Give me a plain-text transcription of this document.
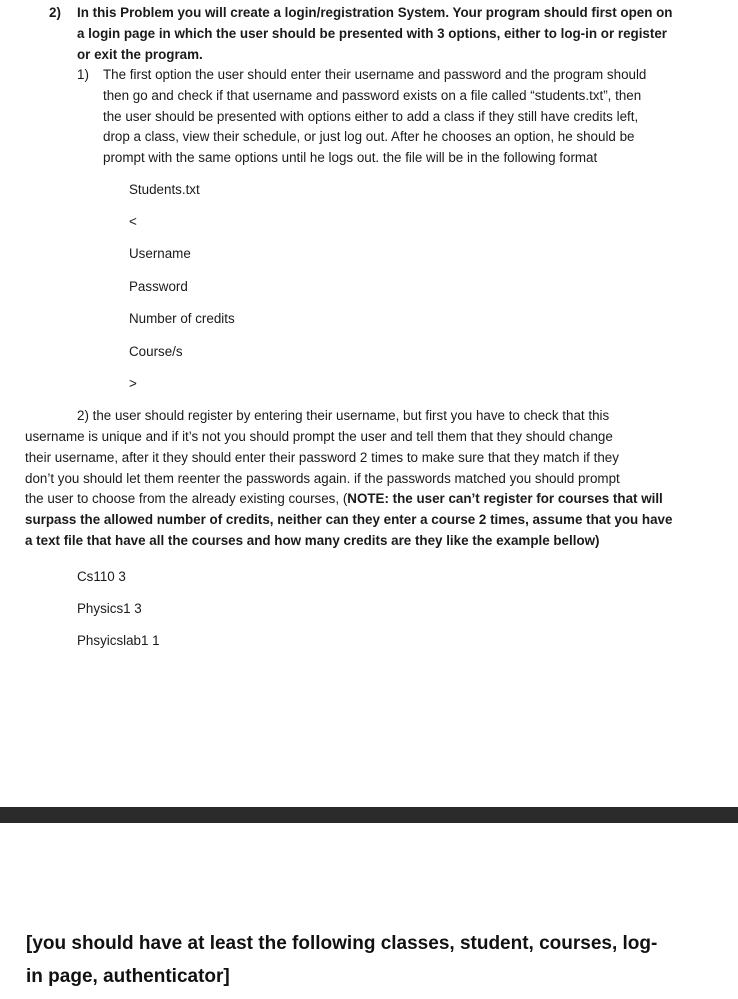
2) In this Problem you will create a login/registration System. Your program should first open on
a login page in which the user should be presented with 3 options, either to log-in or register
or exit the program.
1) The first option the user should enter their username and password and the program should
then go and check if that username and password exists on a file called “students.txt”, then
the user should be presented with options either to add a class if they still have credits left,
drop a class, view their schedule, or just log out. After he chooses an option, he should be
prompt with the same options until he logs out. the file will be in the following format
Students.txt
<
Username
Password
Number of credits
Course/s
>
2) the user should register by entering their username, but first you have to check that this
username is unique and if it’s not you should prompt the user and tell them that they should change
their username, after it they should enter their password 2 times to make sure that they match if they
don’t you should let them reenter the passwords again. if the passwords matched you should prompt
the user to choose from the already existing courses, (NOTE: the user can’t register for courses that will
surpass the allowed number of credits, neither can they enter a course 2 times, assume that you have
a text file that have all the courses and how many credits are they like the example bellow)
Cs110 3
Physics1 3
Phsyicslab1 1
[you should have at least the following classes, student, courses, log-
in page, authenticator]
